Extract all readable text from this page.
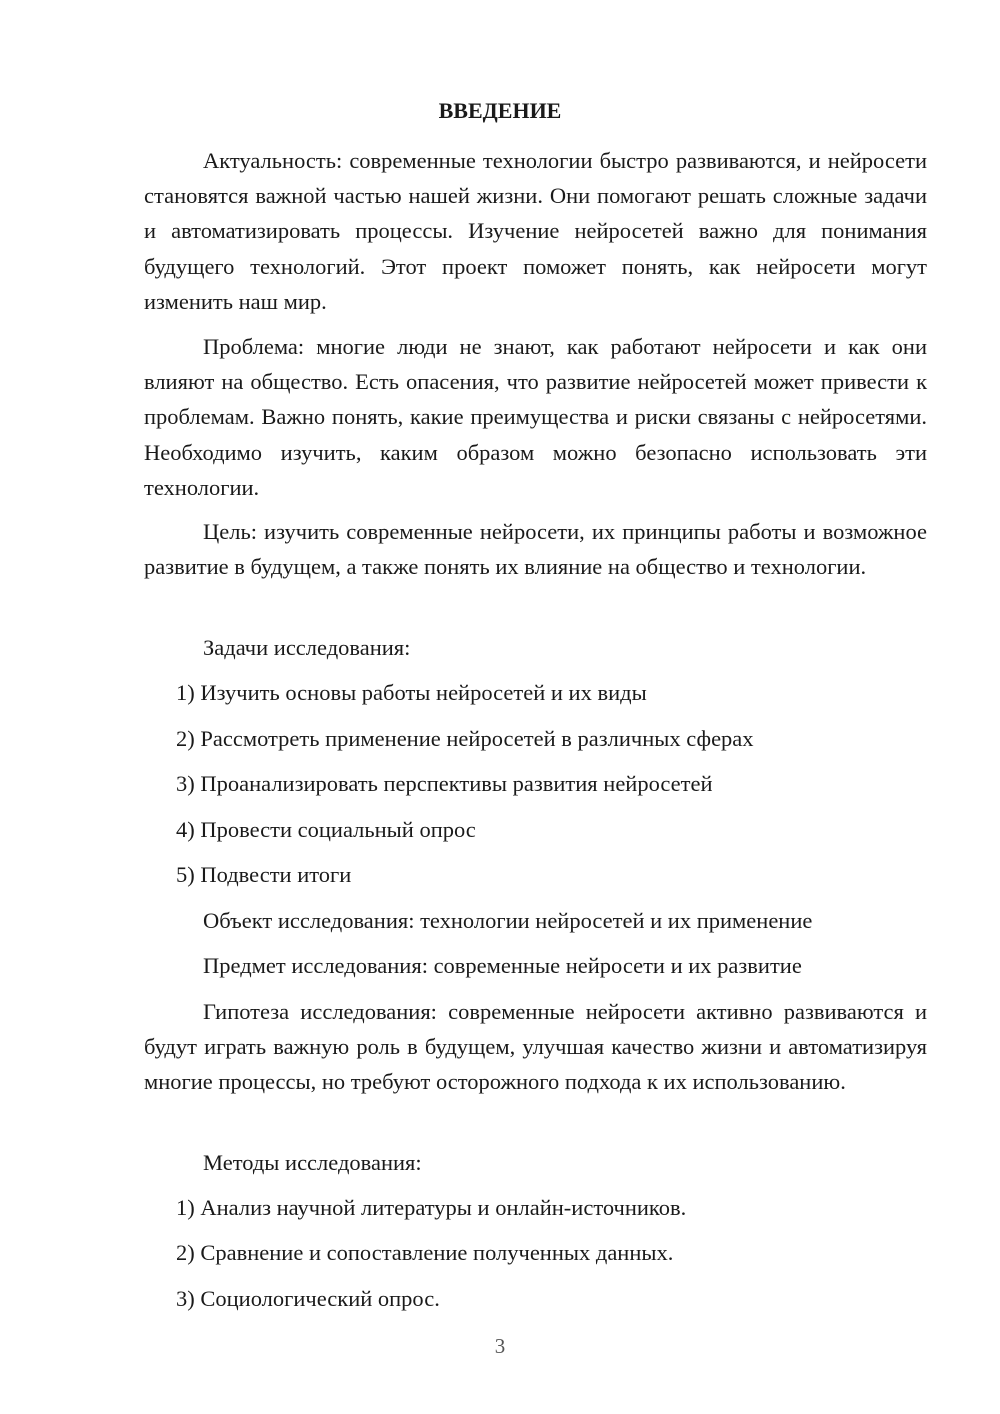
ВВЕДЕНИЕ

Актуальность: современные технологии быстро развиваются, и нейросети становятся важной частью нашей жизни. Они помогают решать сложные задачи и автоматизировать процессы. Изучение нейросетей важно для понимания будущего технологий. Этот проект поможет понять, как нейросети могут изменить наш мир.

Проблема: многие люди не знают, как работают нейросети и как они влияют на общество. Есть опасения, что развитие нейросетей может привести к проблемам. Важно понять, какие преимущества и риски связаны с нейросетями. Необходимо изучить, каким образом можно безопасно использовать эти технологии.

Цель: изучить современные нейросети, их принципы работы и возможное развитие в будущем, а также понять их влияние на общество и технологии.

Задачи исследования:

1) Изучить основы работы нейросетей и их виды

2) Рассмотреть применение нейросетей в различных сферах

3) Проанализировать перспективы развития нейросетей

4) Провести социальный опрос

5) Подвести итоги

Объект исследования: технологии нейросетей и их применение

Предмет исследования: современные нейросети и их развитие

Гипотеза исследования: современные нейросети активно развиваются и будут играть важную роль в будущем, улучшая качество жизни и автоматизируя многие процессы, но требуют осторожного подхода к их использованию.

Методы исследования:

1) Анализ научной литературы и онлайн-источников.

2) Сравнение и сопоставление полученных данных.

3) Социологический опрос.

3
